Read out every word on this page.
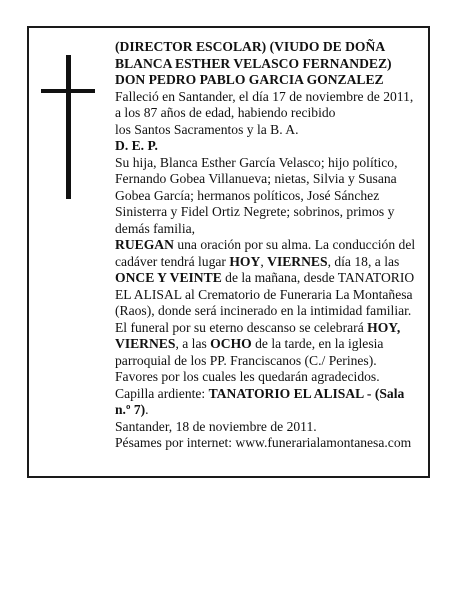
(DIRECTOR ESCOLAR) (VIUDO DE DOÑA
BLANCA ESTHER VELASCO FERNANDEZ)
DON PEDRO PABLO GARCIA GONZALEZ
Falleció en Santander, el día 17 de noviembre de 2011,
a los 87 años de edad, habiendo recibido
los Santos Sacramentos y la B. A.
D. E. P.
Su hija, Blanca Esther García Velasco; hijo político,
Fernando Gobea Villanueva; nietas, Silvia y Susana
Gobea García; hermanos políticos, José Sánchez
Sinisterra y Fidel Ortiz Negrete; sobrinos, primos y
demás familia,
RUEGAN una oración por su alma. La conducción del
cadáver tendrá lugar HOY, VIERNES, día 18, a las
ONCE Y VEINTE de la mañana, desde TANATORIO
EL ALISAL al Crematorio de Funeraria La Montañesa
(Raos), donde será incinerado en la intimidad familiar.
El funeral por su eterno descanso se celebrará HOY,
VIERNES, a las OCHO de la tarde, en la iglesia
parroquial de los PP. Franciscanos (C./ Perines).
Favores por los cuales les quedarán agradecidos.
Capilla ardiente: TANATORIO EL ALISAL - (Sala
n.º 7).
Santander, 18 de noviembre de 2011.
Pésames por internet: www.funerarialamontanesa.com
